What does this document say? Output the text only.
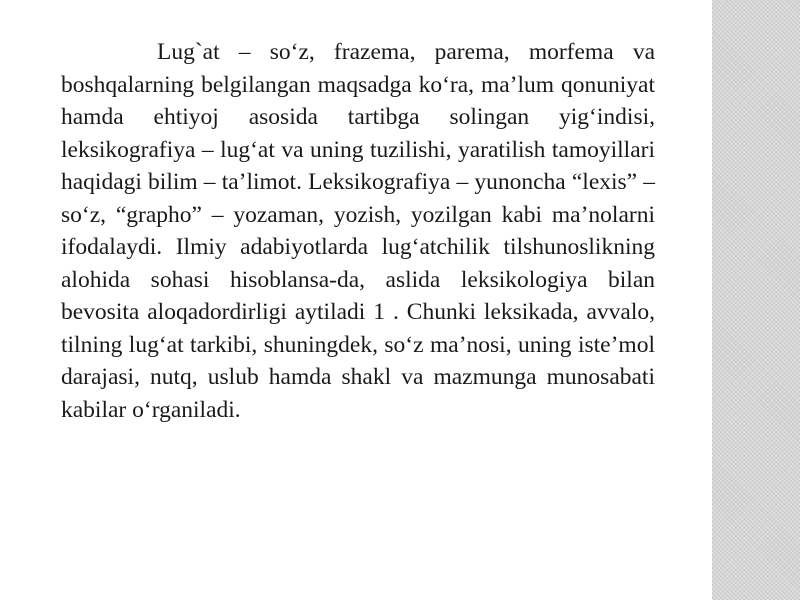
Lug`at – so‘z, frazema, parema, morfema va boshqalarning belgilangan maqsadga ko‘ra, ma’lum qonuniyat hamda ehtiyoj asosida tartibga solingan yig‘indisi, leksikografiya – lug‘at va uning tuzilishi, yaratilish tamoyillari haqidagi bilim – ta’limot. Leksikografiya – yunoncha “lexis” – so‘z, “grapho” – yozaman, yozish, yozilgan kabi ma’nolarni ifodalaydi. Ilmiy adabiyotlarda lug‘atchilik tilshunoslikning alohida sohasi hisoblansa-da, aslida leksikologiya bilan bevosita aloqadordirligi aytiladi 1 . Chunki leksikada, avvalo, tilning lug‘at tarkibi, shuningdek, so‘z ma’nosi, uning iste’mol darajasi, nutq, uslub hamda shakl va mazmunga munosabati kabilar o‘rganiladi.
